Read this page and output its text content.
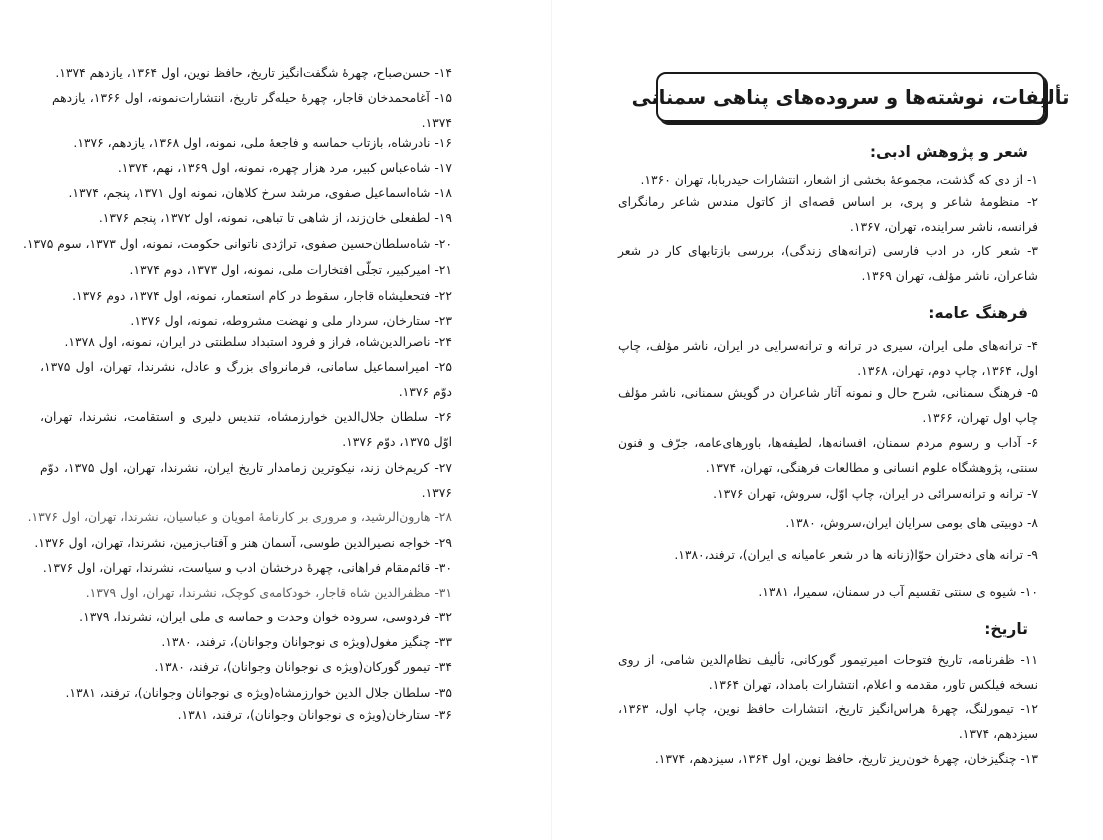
۱۴- حسن‌صباح، چهرهٔ شگفت‌انگیز تاریخ، حافظ نوین، اول ۱۳۶۴، یازدهم ۱۳۷۴.
۱۵- آغامحمدخان قاجار، چهرهٔ حیله‌گر تاریخ، انتشارات‌نمونه، اول ۱۳۶۶، یازدهم ۱۳۷۴.
۱۶- نادرشاه، بازتاب حماسه و فاجعهٔ ملی، نمونه، اول ۱۳۶۸، یازدهم، ۱۳۷۶.
۱۷- شاه‌عباس کبیر، مرد هزار چهره، نمونه، اول ۱۳۶۹، نهم، ۱۳۷۴.
۱۸- شاه‌اسماعیل صفوی، مرشد سرخ کلاهان، نمونه اول ۱۳۷۱، پنجم، ۱۳۷۴.
۱۹- لطفعلی خان‌زند، از شاهی تا تباهی، نمونه، اول ۱۳۷۲، پنجم ۱۳۷۶.
۲۰- شاه‌سلطان‌حسین صفوی، تراژدی ناتوانی حکومت، نمونه، اول ۱۳۷۳، سوم ۱۳۷۵.
۲۱- امیرکبیر، تجلّی افتخارات ملی، نمونه، اول ۱۳۷۳، دوم ۱۳۷۴.
۲۲- فتحعلیشاه قاجار، سقوط در کام استعمار، نمونه، اول ۱۳۷۴، دوم ۱۳۷۶.
۲۳- ستارخان، سردار ملی و نهضت مشروطه، نمونه، اول ۱۳۷۶.
۲۴- ناصرالدین‌شاه، فراز و فرود استبداد سلطنتی در ایران، نمونه، اول ۱۳۷۸.
۲۵- امیراسماعیل سامانی، فرمانروای بزرگ و عادل، نشرندا، تهران، اول ۱۳۷۵، دوّم ۱۳۷۶.
۲۶- سلطان جلال‌الدین خوارزمشاه، تندیس دلیری و استقامت، نشرندا، تهران، اوّل ۱۳۷۵، دوّم ۱۳۷۶.
۲۷- کریم‌خان زند، نیکوترین زمامدار تاریخ ایران، نشرندا، تهران، اول ۱۳۷۵، دوّم ۱۳۷۶.
۲۸- هارون‌الرشید، و مروری بر کارنامهٔ امویان و عباسیان، نشرندا، تهران، اول ۱۳۷۶.
۲۹- خواجه نصیرالدین طوسی، آسمان هنر و آفتاب‌زمین، نشرندا، تهران، اول ۱۳۷۶.
۳۰- قائم‌مقام فراهانی، چهرهٔ درخشان ادب و سیاست، نشرندا، تهران، اول ۱۳۷۶.
۳۱- مظفرالدین شاه قاجار، خودکامه‌ی کوچک، نشرندا، تهران، اول ۱۳۷۹.
۳۲- فردوسی، سروده خوان وحدت و حماسه ی ملی ایران، نشرندا، ۱۳۷۹.
۳۳- چنگیز مغول(ویژه ی نوجوانان وجوانان)، ترفند، ۱۳۸۰.
۳۴- تیمور گورکان(ویژه ی نوجوانان وجوانان)، ترفند، ۱۳۸۰.
۳۵- سلطان جلال الدین خوارزمشاه(ویژه ی نوجوانان وجوانان)، ترفند، ۱۳۸۱.
۳۶- ستارخان(ویژه ی نوجوانان وجوانان)، ترفند، ۱۳۸۱.
تألیفات، نوشته‌ها و سروده‌های پناهی سمنانی
شعر و پژوهش ادبی:
۱- از دی که گذشت، مجموعهٔ بخشی از اشعار، انتشارات حیدربابا، تهران ۱۳۶۰.
۲- منظومهٔ شاعر و پری، بر اساس قصه‌ای از کاتول مندس شاعر رمانگرای فرانسه، ناشر سراینده، تهران، ۱۳۶۷.
۳- شعر کار، در ادب فارسی (ترانه‌های زندگی)، بررسی بازتابهای کار در شعر شاعران، ناشر مؤلف، تهران ۱۳۶۹.
فرهنگ عامه:
۴- ترانه‌های ملی ایران، سیری در ترانه و ترانه‌سرایی در ایران، ناشر مؤلف، چاپ اول، ۱۳۶۴، چاپ دوم، تهران، ۱۳۶۸.
۵- فرهنگ سمنانی، شرح حال و نمونه آثار شاعران در گویش سمنانی، ناشر مؤلف چاپ اول تهران، ۱۳۶۶.
۶- آداب و رسوم مردم سمنان، افسانه‌ها، لطیفه‌ها، باورهای‌عامه، جرّف و فنون سنتی، پژوهشگاه علوم انسانی و مطالعات فرهنگی، تهران، ۱۳۷۴.
۷- ترانه و ترانه‌سرائی در ایران، چاپ اوّل، سروش، تهران ۱۳۷۶.
۸- دوبیتی های بومی سرایان ایران،سروش، ۱۳۸۰.
۹- ترانه های دختران حوّا(زنانه ها در شعر عامیانه ی ایران)، ترفند،۱۳۸۰.
۱۰- شیوه ی سنتی تقسیم آب در سمنان، سمیرا، ۱۳۸۱.
تاریخ:
۱۱- ظفرنامه، تاریخ فتوحات امیرتیمور گورکانی، تألیف نظام‌الدین شامی، از روی نسخه فیلکس تاور، مقدمه و اعلام، انتشارات بامداد، تهران ۱۳۶۴.
۱۲- تیمورلنگ، چهرهٔ هراس‌انگیز تاریخ، انتشارات حافظ نوین، چاپ اول، ۱۳۶۳، سیزدهم، ۱۳۷۴.
۱۳- چنگیزخان، چهرهٔ خون‌ریز تاریخ، حافظ نوین، اول ۱۳۶۴، سیزدهم، ۱۳۷۴.
